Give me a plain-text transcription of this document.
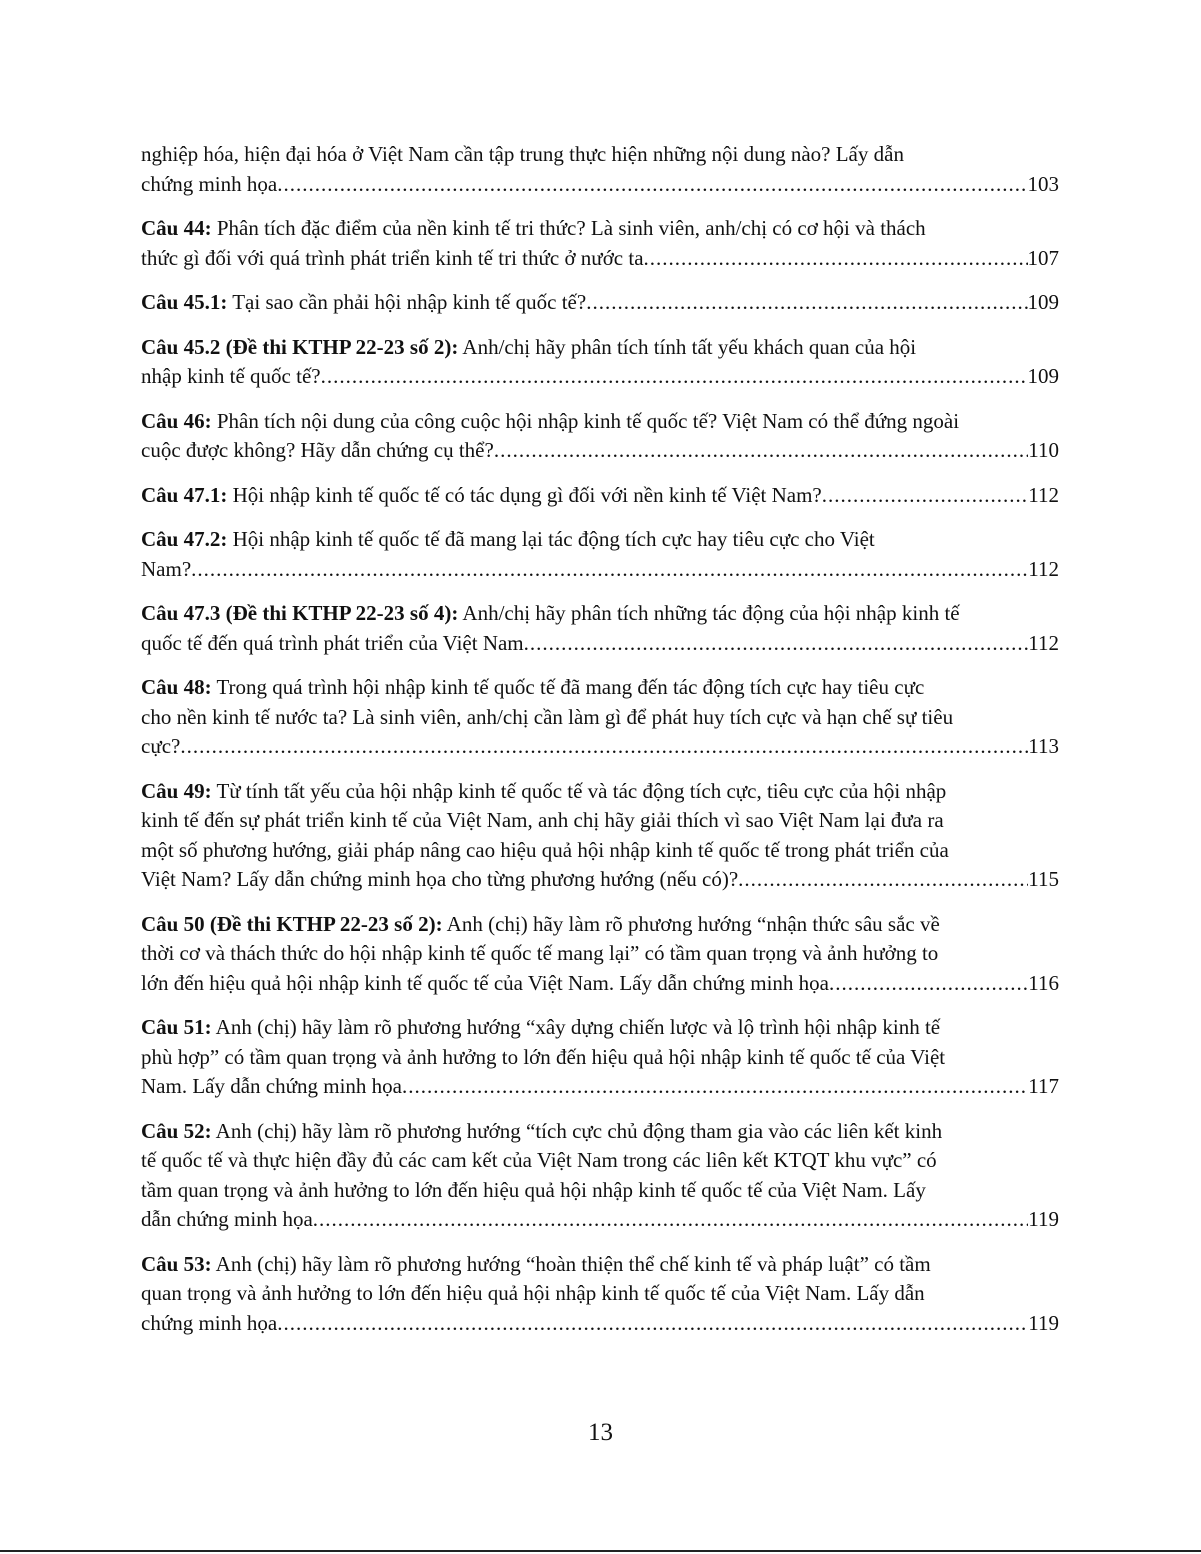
nghiệp hóa, hiện đại hóa ở Việt Nam cần tập trung thực hiện những nội dung nào? Lấy dẫn
chứng minh họa .....	103
Câu 44: Phân tích đặc điểm của nền kinh tế tri thức? Là sinh viên, anh/chị có cơ hội và thách
thức gì đối với quá trình phát triển kinh tế tri thức ở nước ta .....	107
Câu 45.1: Tại sao cần phải hội nhập kinh tế quốc tế? .....	109
Câu 45.2 (Đề thi KTHP 22-23 số 2): Anh/chị hãy phân tích tính tất yếu khách quan của hội
nhập kinh tế quốc tế? .....	109
Câu 46: Phân tích nội dung của công cuộc hội nhập kinh tế quốc tế? Việt Nam có thể đứng ngoài
cuộc được không? Hãy dẫn chứng cụ thể? .....	110
Câu 47.1: Hội nhập kinh tế quốc tế có tác dụng gì đối với nền kinh tế Việt Nam? .....	112
Câu 47.2: Hội nhập kinh tế quốc tế đã mang lại tác động tích cực hay tiêu cực cho Việt
Nam? .....	112
Câu 47.3 (Đề thi KTHP 22-23 số 4): Anh/chị hãy phân tích những tác động của hội nhập kinh tế
quốc tế đến quá trình phát triển của Việt Nam .....	112
Câu 48: Trong quá trình hội nhập kinh tế quốc tế đã mang đến tác động tích cực hay tiêu cực
cho nền kinh tế nước ta? Là sinh viên, anh/chị cần làm gì để phát huy tích cực và hạn chế sự tiêu
cực? .....	113
Câu 49: Từ tính tất yếu của hội nhập kinh tế quốc tế và tác động tích cực, tiêu cực của hội nhập
kinh tế đến sự phát triển kinh tế của Việt Nam, anh chị hãy giải thích vì sao Việt Nam lại đưa ra
một số phương hướng, giải pháp nâng cao hiệu quả hội nhập kinh tế quốc tế trong phát triển của
Việt Nam? Lấy dẫn chứng minh họa cho từng phương hướng (nếu có)? .....	115
Câu 50 (Đề thi KTHP 22-23 số 2): Anh (chị) hãy làm rõ phương hướng “nhận thức sâu sắc về
thời cơ và thách thức do hội nhập kinh tế quốc tế mang lại” có tầm quan trọng và ảnh hưởng to
lớn đến hiệu quả hội nhập kinh tế quốc tế của Việt Nam. Lấy dẫn chứng minh họa .....	116
Câu 51: Anh (chị) hãy làm rõ phương hướng “xây dựng chiến lược và lộ trình hội nhập kinh tế
phù hợp” có tầm quan trọng và ảnh hưởng to lớn đến hiệu quả hội nhập kinh tế quốc tế của Việt
Nam. Lấy dẫn chứng minh họa .....	117
Câu 52: Anh (chị) hãy làm rõ phương hướng “tích cực chủ động tham gia vào các liên kết kinh
tế quốc tế và thực hiện đầy đủ các cam kết của Việt Nam trong các liên kết KTQT khu vực” có
tầm quan trọng và ảnh hưởng to lớn đến hiệu quả hội nhập kinh tế quốc tế của Việt Nam. Lấy
dẫn chứng minh họa .....	119
Câu 53: Anh (chị) hãy làm rõ phương hướng “hoàn thiện thể chế kinh tế và pháp luật” có tầm
quan trọng và ảnh hưởng to lớn đến hiệu quả hội nhập kinh tế quốc tế của Việt Nam. Lấy dẫn
chứng minh họa .....	119
13
